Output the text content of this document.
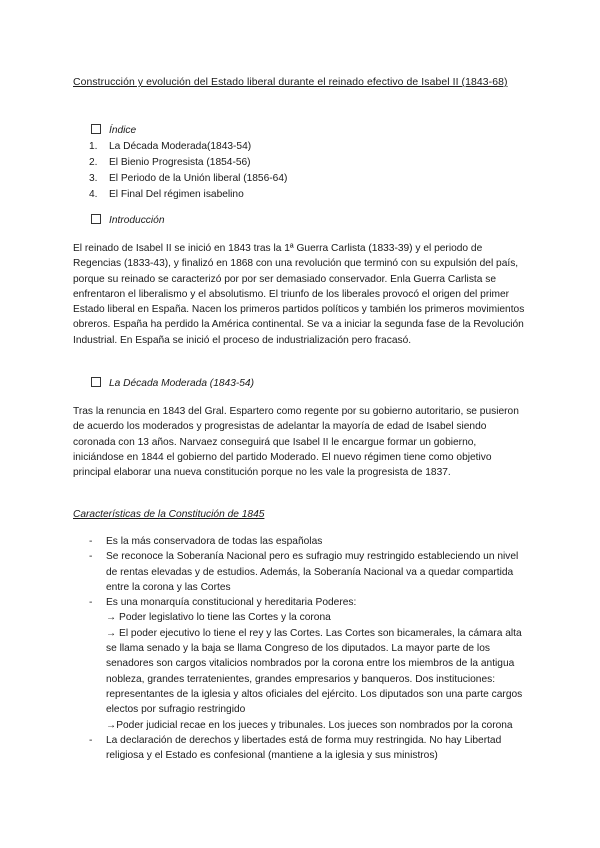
Construcción y evolución del Estado liberal durante el reinado efectivo de Isabel II (1843-68)
Índice
1. La Década Moderada(1843-54)
2. El Bienio Progresista (1854-56)
3. El Periodo de la Unión liberal (1856-64)
4. El Final Del régimen isabelino
Introducción

El reinado de Isabel II se inició en 1843 tras la 1ª Guerra Carlista (1833-39) y el periodo de Regencias (1833-43), y finalizó en 1868 con una revolución que terminó con su expulsión del país, porque su reinado se caracterizó por por ser demasiado conservador. Enla Guerra Carlista se enfrentaron el liberalismo y el absolutismo. El triunfo de los liberales provocó el origen del primer Estado liberal en España. Nacen los primeros partidos políticos y también los primeros movimientos obreros. España ha perdido la América continental. Se va a iniciar la segunda fase de la Revolución Industrial. En España se inició el proceso de industrialización pero fracasó.

La Década Moderada (1843-54)

Tras la renuncia en 1843 del Gral. Espartero como regente por su gobierno autoritario, se pusieron de acuerdo los moderados y progresistas de adelantar la mayoría de edad de Isabel siendo coronada con 13 años. Narvaez conseguirá que Isabel II le encargue formar un gobierno, iniciándose en 1844 el gobierno del partido Moderado. El nuevo régimen tiene como objetivo principal elaborar una nueva constitución porque no les vale la progresista de 1837.

Características de la Constitución de 1845
- Es la más conservadora de todas las españolas
- Se reconoce la Soberanía Nacional pero es sufragio muy restringido estableciendo un nivel de rentas elevadas y de estudios. Además, la Soberanía Nacional va a quedar compartida entre la corona y las Cortes
- Es una monarquía constitucional y hereditaria Poderes:
→ Poder legislativo lo tiene las Cortes y la corona
→ El poder ejecutivo lo tiene el rey y las Cortes. Las Cortes son bicamerales, la cámara alta se llama senado y la baja se llama Congreso de los diputados. La mayor parte de los senadores son cargos vitalicios nombrados por la corona entre los miembros de la antigua nobleza, grandes terratenientes, grandes empresarios y banqueros. Dos instituciones: representantes de la iglesia y altos oficiales del ejército. Los diputados son una parte cargos electos por sufragio restringido
→Poder judicial recae en los jueces y tribunales. Los jueces son nombrados por la corona
- La declaración de derechos y libertades está de forma muy restringida. No hay Libertad religiosa y el Estado es confesional (mantiene a la iglesia y sus ministros)
